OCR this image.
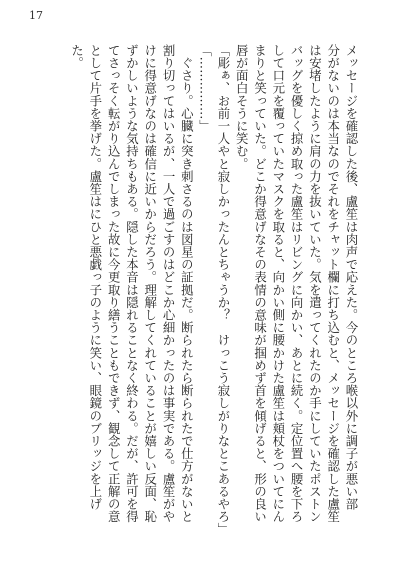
17
メッセージを確認した後、盧笙は肉声で応えた。今のところ喉以外に調子が悪い部
分がないのは本当なのでそれをチャット欄に打ち込むと、メッセージを確認した盧笙
は安堵したように肩の力を抜いていた。気を遣ってくれたのか手にしていたポストン
バッグを優しく掠め取った盧笙はリビングに向かい、あとに続く。定位置へ腰を下ろ
して口元を覆っていたマスクを取ると、向かい側に腰かけた盧笙は頬杖をついてにん
まりと笑っていた。どこか得意げなその表情の意味が掴めず首を傾げると、形の良い
唇が面白そうに笑む。
「彫ぁ、お前一人やと寂しかったんとちゃうか？　けっこう寂しがりなとこあるやろ」
「……………」
　ぐさり。心臓に突き刺さるのは図星の証拠だ。断られたら断られたで仕方がないと
割り切ってはいるが、一人で過ごすのはどこか心細かったのは事実である。盧笙がや
けに得意げなのは確信に近いからだろう。理解してくれていることが嬉しい反面、恥
ずかしいような気持ちもある。隠した本音は隠れることなく終わる。だが、許可を得
てさっそく転がり込んでしまった故に今更取り繕うこともできず、観念して正解の意
として片手を挙げた。盧笙はにひと悪戯っ子のように笑い、眼鏡のブリッジを上げ
た。
